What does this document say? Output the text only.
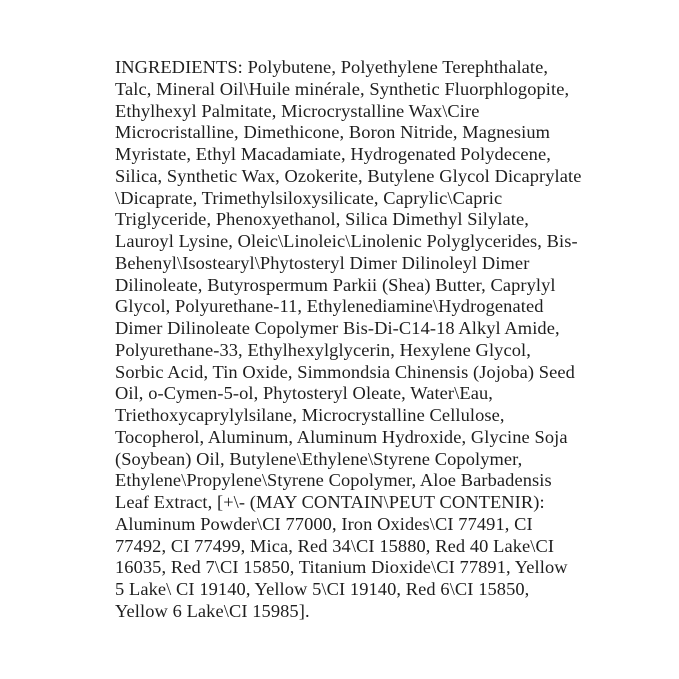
INGREDIENTS: Polybutene, Polyethylene Terephthalate,
Talc, Mineral Oil\Huile minérale, Synthetic Fluorphlogopite,
Ethylhexyl Palmitate, Microcrystalline Wax\Cire
Microcristalline, Dimethicone, Boron Nitride, Magnesium
Myristate, Ethyl Macadamiate, Hydrogenated Polydecene,
Silica, Synthetic Wax, Ozokerite, Butylene Glycol Dicaprylate
\Dicaprate, Trimethylsiloxysilicate, Caprylic\Capric
Triglyceride, Phenoxyethanol, Silica Dimethyl Silylate,
Lauroyl Lysine, Oleic\Linoleic\Linolenic Polyglycerides, Bis-
Behenyl\Isostearyl\Phytosteryl Dimer Dilinoleyl Dimer
Dilinoleate, Butyrospermum Parkii (Shea) Butter, Caprylyl
Glycol, Polyurethane-11, Ethylenediamine\Hydrogenated
Dimer Dilinoleate Copolymer Bis-Di-C14-18 Alkyl Amide,
Polyurethane-33, Ethylhexylglycerin, Hexylene Glycol,
Sorbic Acid, Tin Oxide, Simmondsia Chinensis (Jojoba) Seed
Oil, o-Cymen-5-ol, Phytosteryl Oleate, Water\Eau,
Triethoxycaprylylsilane, Microcrystalline Cellulose,
Tocopherol, Aluminum, Aluminum Hydroxide, Glycine Soja
(Soybean) Oil, Butylene\Ethylene\Styrene Copolymer,
Ethylene\Propylene\Styrene Copolymer, Aloe Barbadensis
Leaf Extract, [+\- (MAY CONTAIN\PEUT CONTENIR):
Aluminum Powder\CI 77000, Iron Oxides\CI 77491, CI
77492, CI 77499, Mica, Red 34\CI 15880, Red 40 Lake\CI
16035, Red 7\CI 15850, Titanium Dioxide\CI 77891, Yellow
5 Lake\ CI 19140, Yellow 5\CI 19140, Red 6\CI 15850,
Yellow 6 Lake\CI 15985].
